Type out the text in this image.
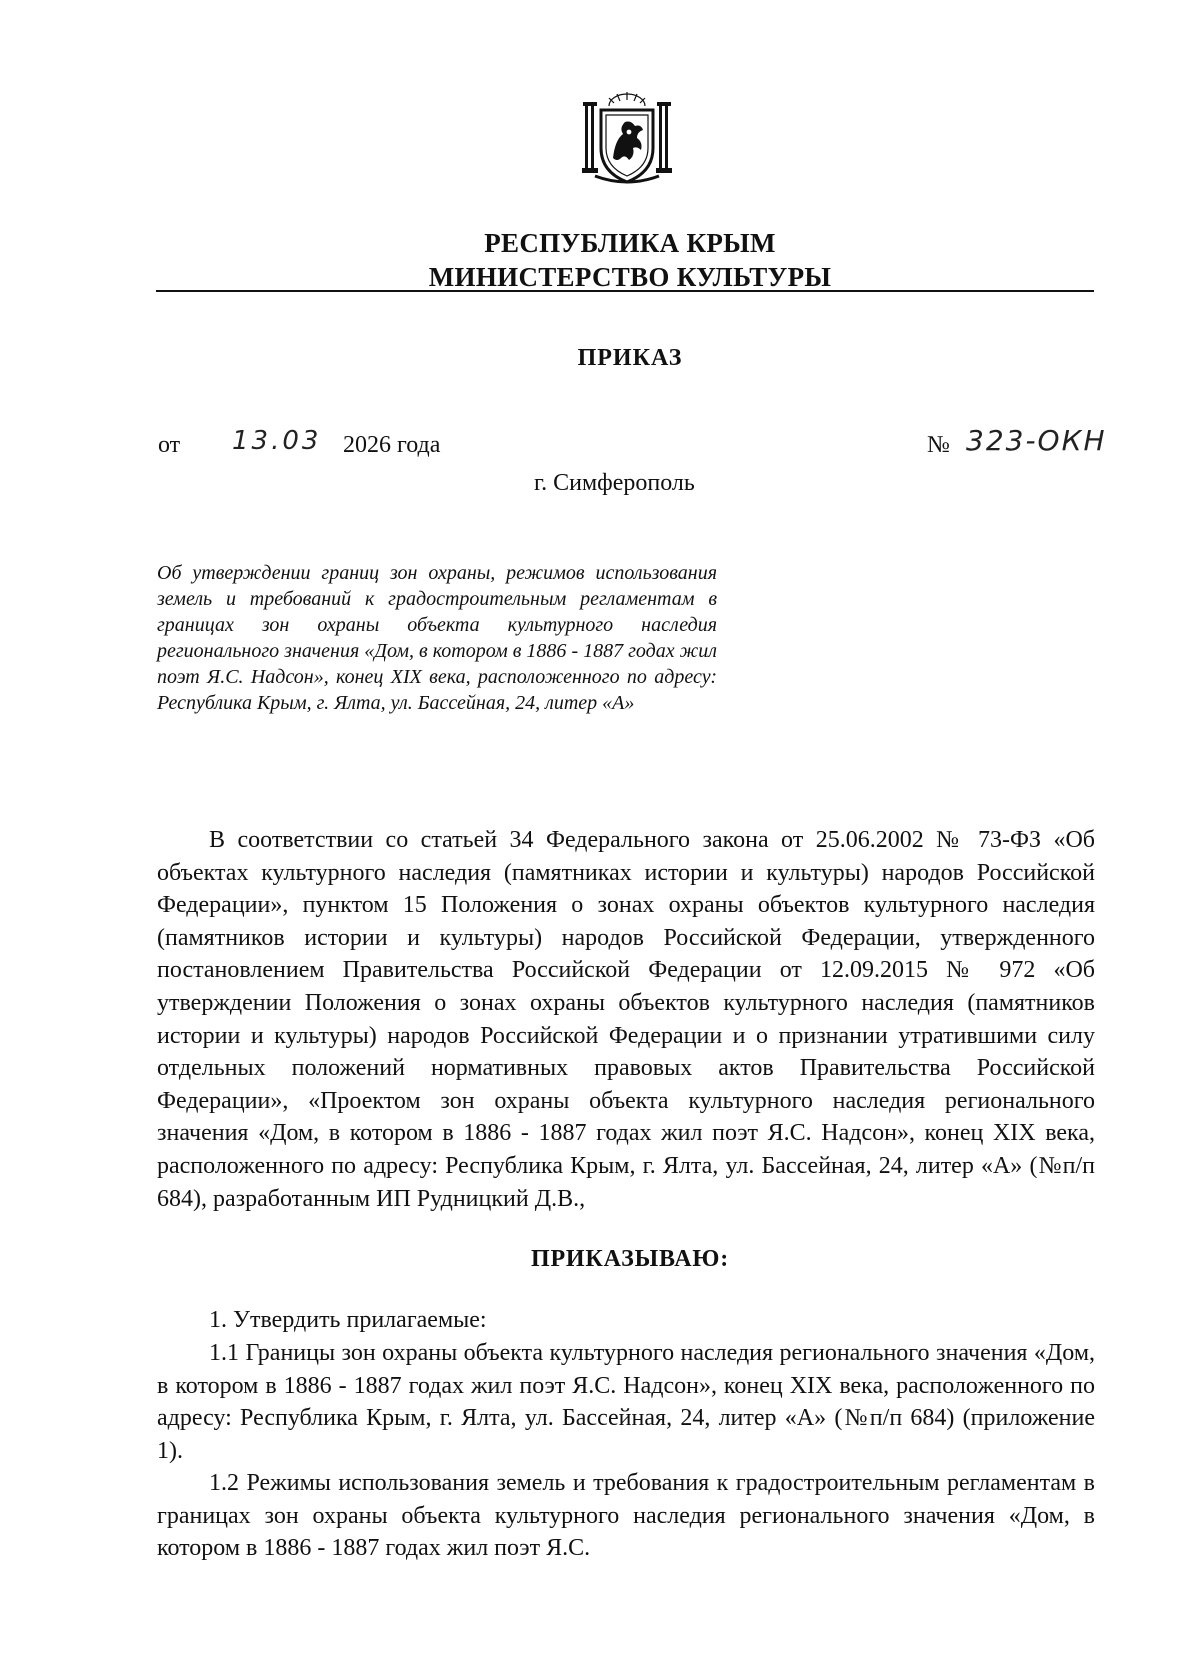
РЕСПУБЛИКА КРЫМ
МИНИСТЕРСТВО КУЛЬТУРЫ
ПРИКАЗ
от 13.03 2026 года	№ 323-ОКН
г. Симферополь
Об утверждении границ зон охраны, режимов использования земель и требований к градостроительным регламентам в границах зон охраны объекта культурного наследия регионального значения «Дом, в котором в 1886 - 1887 годах жил поэт Я.С. Надсон», конец XIX века, расположенного по адресу: Республика Крым, г. Ялта, ул. Бассейная, 24, литер «А»

В соответствии со статьей 34 Федерального закона от 25.06.2002 № 73-ФЗ «Об объектах культурного наследия (памятниках истории и культуры) народов Российской Федерации», пунктом 15 Положения о зонах охраны объектов культурного наследия (памятников истории и культуры) народов Российской Федерации, утвержденного постановлением Правительства Российской Федерации от 12.09.2015 № 972 «Об утверждении Положения о зонах охраны объектов культурного наследия (памятников истории и культуры) народов Российской Федерации и о признании утратившими силу отдельных положений нормативных правовых актов Правительства Российской Федерации», «Проектом зон охраны объекта культурного наследия регионального значения «Дом, в котором в 1886 - 1887 годах жил поэт Я.С. Надсон», конец XIX века, расположенного по адресу: Республика Крым, г. Ялта, ул. Бассейная, 24, литер «А» (№п/п 684), разработанным ИП Рудницкий Д.В.,

ПРИКАЗЫВАЮ:

1. Утвердить прилагаемые:

1.1 Границы зон охраны объекта культурного наследия регионального значения «Дом, в котором в 1886 - 1887 годах жил поэт Я.С. Надсон», конец XIX века, расположенного по адресу: Республика Крым, г. Ялта, ул. Бассейная, 24, литер «А» (№п/п 684) (приложение 1).

1.2 Режимы использования земель и требования к градостроительным регламентам в границах зон охраны объекта культурного наследия регионального значения «Дом, в котором в 1886 - 1887 годах жил поэт Я.С.
